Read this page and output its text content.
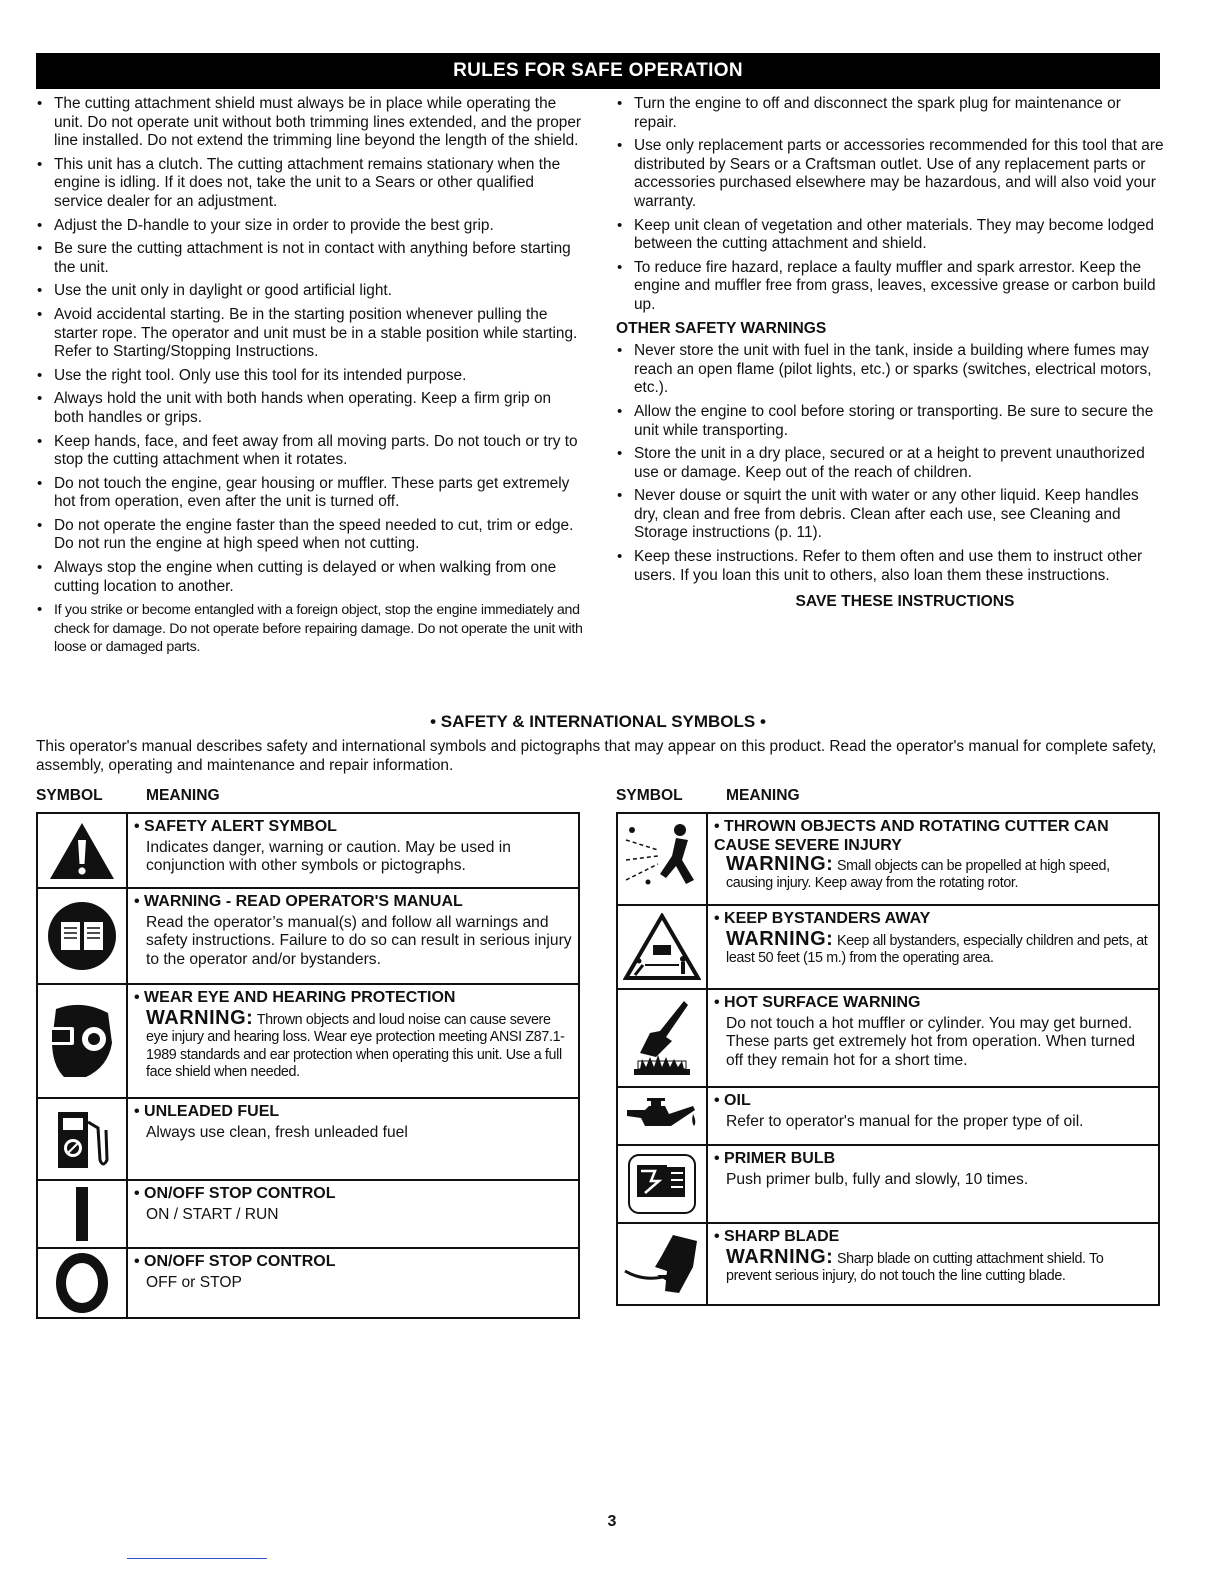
RULES FOR SAFE OPERATION
• The cutting attachment shield must always be in place while operating the unit. Do not operate unit without both trimming lines extended, and the proper line installed. Do not extend the trimming line beyond the length of the shield.
• This unit has a clutch. The cutting attachment remains stationary when the engine is idling. If it does not, take the unit to a Sears or other qualified service dealer for an adjustment.
• Adjust the D-handle to your size in order to provide the best grip.
• Be sure the cutting attachment is not in contact with anything before starting the unit.
• Use the unit only in daylight or good artificial light.
• Avoid accidental starting. Be in the starting position whenever pulling the starter rope. The operator and unit must be in a stable position while starting. Refer to Starting/Stopping Instructions.
• Use the right tool. Only use this tool for its intended purpose.
• Always hold the unit with both hands when operating. Keep a firm grip on both handles or grips.
• Keep hands, face, and feet away from all moving parts. Do not touch or try to stop the cutting attachment when it rotates.
• Do not touch the engine, gear housing or muffler. These parts get extremely hot from operation, even after the unit is turned off.
• Do not operate the engine faster than the speed needed to cut, trim or edge. Do not run the engine at high speed when not cutting.
• Always stop the engine when cutting is delayed or when walking from one cutting location to another.
• If you strike or become entangled with a foreign object, stop the engine immediately and check for damage. Do not operate before repairing damage. Do not operate the unit with loose or damaged parts.
• Turn the engine to off and disconnect the spark plug for maintenance or repair.
• Use only replacement parts or accessories recommended for this tool that are distributed by Sears or a Craftsman outlet. Use of any replacement parts or accessories purchased elsewhere may be hazardous, and will also void your warranty.
• Keep unit clean of vegetation and other materials. They may become lodged between the cutting attachment and shield.
• To reduce fire hazard, replace a faulty muffler and spark arrestor. Keep the engine and muffler free from grass, leaves, excessive grease or carbon build up.
OTHER SAFETY WARNINGS
• Never store the unit with fuel in the tank, inside a building where fumes may reach an open flame (pilot lights, etc.) or sparks (switches, electrical motors, etc.).
• Allow the engine to cool before storing or transporting. Be sure to secure the unit while transporting.
• Store the unit in a dry place, secured or at a height to prevent unauthorized use or damage. Keep out of the reach of children.
• Never douse or squirt the unit with water or any other liquid. Keep handles dry, clean and free from debris. Clean after each use, see Cleaning and Storage instructions (p. 11).
• Keep these instructions. Refer to them often and use them to instruct other users. If you loan this unit to others, also loan them these instructions.
SAVE THESE INSTRUCTIONS
• SAFETY & INTERNATIONAL SYMBOLS •
This operator's manual describes safety and international symbols and pictographs that may appear on this product. Read the operator's manual for complete safety, assembly, operating and maintenance and repair information.
SYMBOL	MEANING	SYMBOL	MEANING
• SAFETY ALERT SYMBOL
Indicates danger, warning or caution. May be used in conjunction with other symbols or pictographs.
• WARNING - READ OPERATOR'S MANUAL
Read the operator’s manual(s) and follow all warnings and safety instructions. Failure to do so can result in serious injury to the operator and/or bystanders.
• WEAR EYE AND HEARING PROTECTION
WARNING: Thrown objects and loud noise can cause severe eye injury and hearing loss. Wear eye protection meeting ANSI Z87.1-1989 standards and ear protection when operating this unit. Use a full face shield when needed.
• UNLEADED FUEL
Always use clean, fresh unleaded fuel
• ON/OFF STOP CONTROL
ON / START / RUN
• ON/OFF STOP CONTROL
OFF or STOP
• THROWN OBJECTS AND ROTATING CUTTER CAN CAUSE SEVERE INJURY
WARNING: Small objects can be propelled at high speed, causing injury. Keep away from the rotating rotor.
• KEEP BYSTANDERS AWAY
WARNING: Keep all bystanders, especially children and pets, at least 50 feet (15 m.) from the operating area.
• HOT SURFACE WARNING
Do not touch a hot muffler or cylinder. You may get burned. These parts get extremely hot from operation. When turned off they remain hot for a short time.
• OIL
Refer to operator's manual for the proper type of oil.
• PRIMER BULB
Push primer bulb, fully and slowly, 10 times.
• SHARP BLADE
WARNING: Sharp blade on cutting attachment shield. To prevent serious injury, do not touch the line cutting blade.
3
